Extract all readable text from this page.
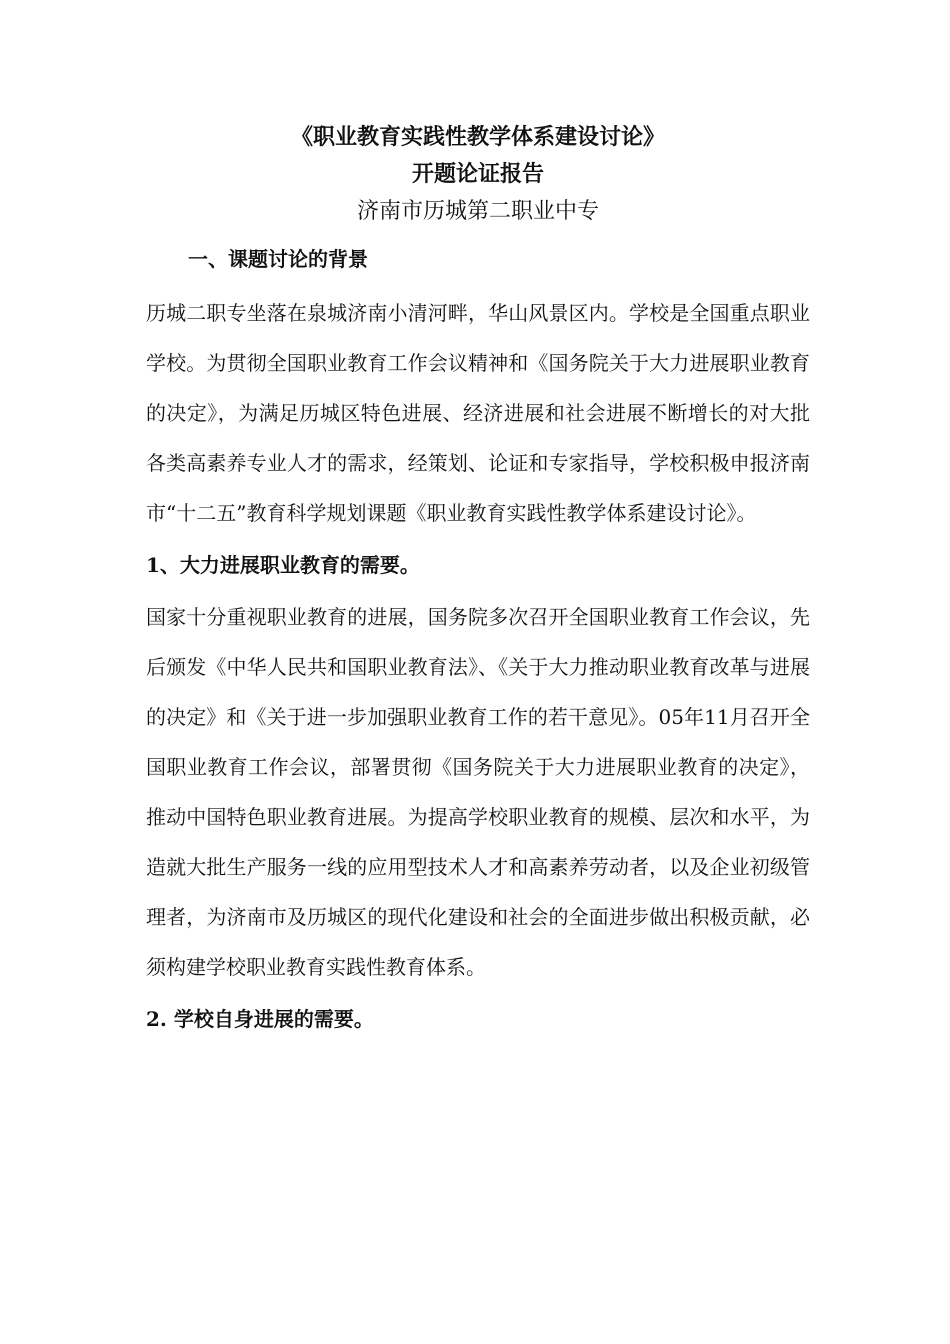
《职业教育实践性教学体系建设讨论》

开题论证报告

济南市历城第二职业中专

一、课题讨论的背景

历城二职专坐落在泉城济南小清河畔，华山风景区内。学校是全国重点职业学校。为贯彻全国职业教育工作会议精神和《国务院关于大力进展职业教育的决定》，为满足历城区特色进展、经济进展和社会进展不断增长的对大批各类高素养专业人才的需求，经策划、论证和专家指导，学校积极申报济南市“十二五”教育科学规划课题《职业教育实践性教学体系建设讨论》。

1、大力进展职业教育的需要。

国家十分重视职业教育的进展，国务院多次召开全国职业教育工作会议，先后颁发《中华人民共和国职业教育法》、《关于大力推动职业教育改革与进展的决定》和《关于进一步加强职业教育工作的若干意见》。05年11月召开全国职业教育工作会议，部署贯彻《国务院关于大力进展职业教育的决定》，推动中国特色职业教育进展。为提高学校职业教育的规模、层次和水平，为造就大批生产服务一线的应用型技术人才和高素养劳动者，以及企业初级管理者，为济南市及历城区的现代化建设和社会的全面进步做出积极贡献，必须构建学校职业教育实践性教育体系。

2. 学校自身进展的需要。
